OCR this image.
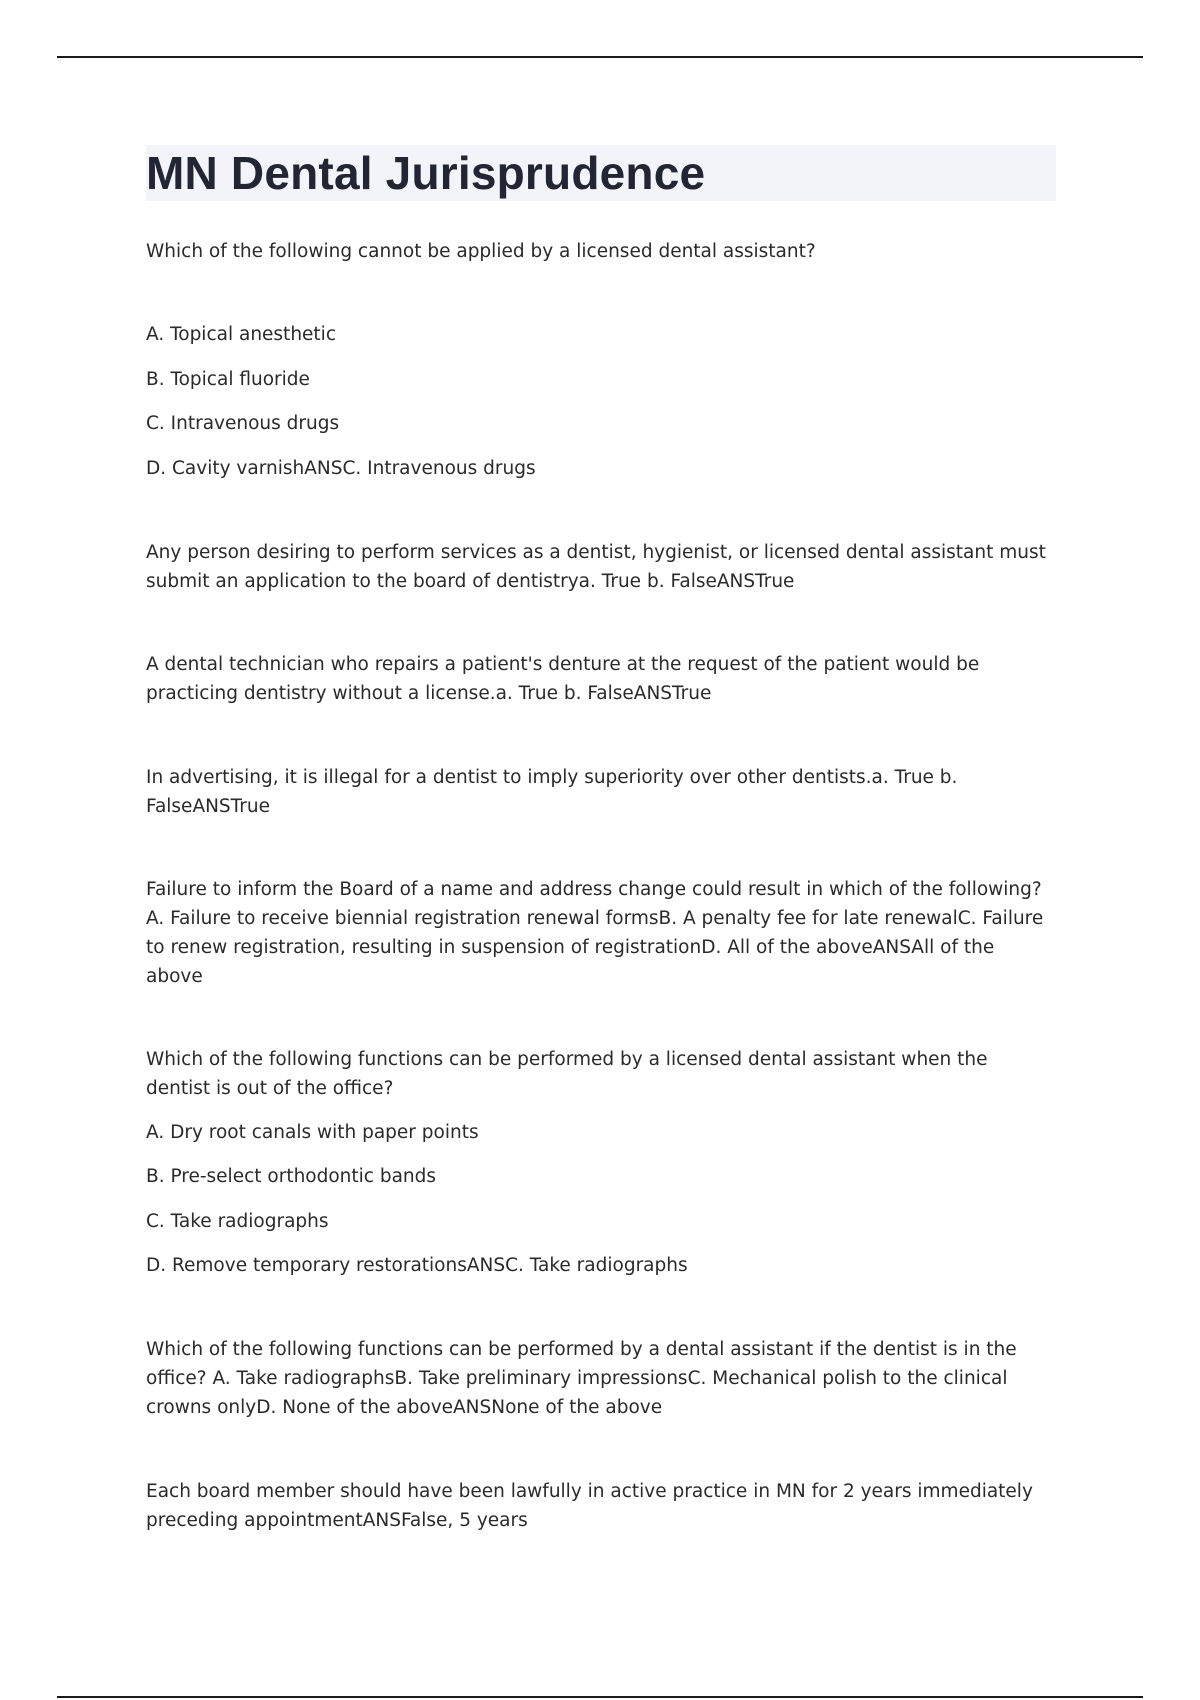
MN Dental Jurisprudence

Which of the following cannot be applied by a licensed dental assistant?

A. Topical anesthetic

B. Topical fluoride

C. Intravenous drugs

D. Cavity varnishANSC. Intravenous drugs

Any person desiring to perform services as a dentist, hygienist, or licensed dental assistant must submit an application to the board of dentistrya. True b. FalseANSTrue

A dental technician who repairs a patient's denture at the request of the patient would be practicing dentistry without a license.a. True b. FalseANSTrue

In advertising, it is illegal for a dentist to imply superiority over other dentists.a. True b. FalseANSTrue

Failure to inform the Board of a name and address change could result in which of the following?A. Failure to receive biennial registration renewal formsB. A penalty fee for late renewalC. Failure to renew registration, resulting in suspension of registrationD. All of the aboveANSAll of the above

Which of the following functions can be performed by a licensed dental assistant when the dentist is out of the office?

A. Dry root canals with paper points

B. Pre-select orthodontic bands

C. Take radiographs

D. Remove temporary restorationsANSC. Take radiographs

Which of the following functions can be performed by a dental assistant if the dentist is in the office? A. Take radiographsB. Take preliminary impressionsC. Mechanical polish to the clinical crowns onlyD. None of the aboveANSNone of the above

Each board member should have been lawfully in active practice in MN for 2 years immediately preceding appointmentANSFalse, 5 years
